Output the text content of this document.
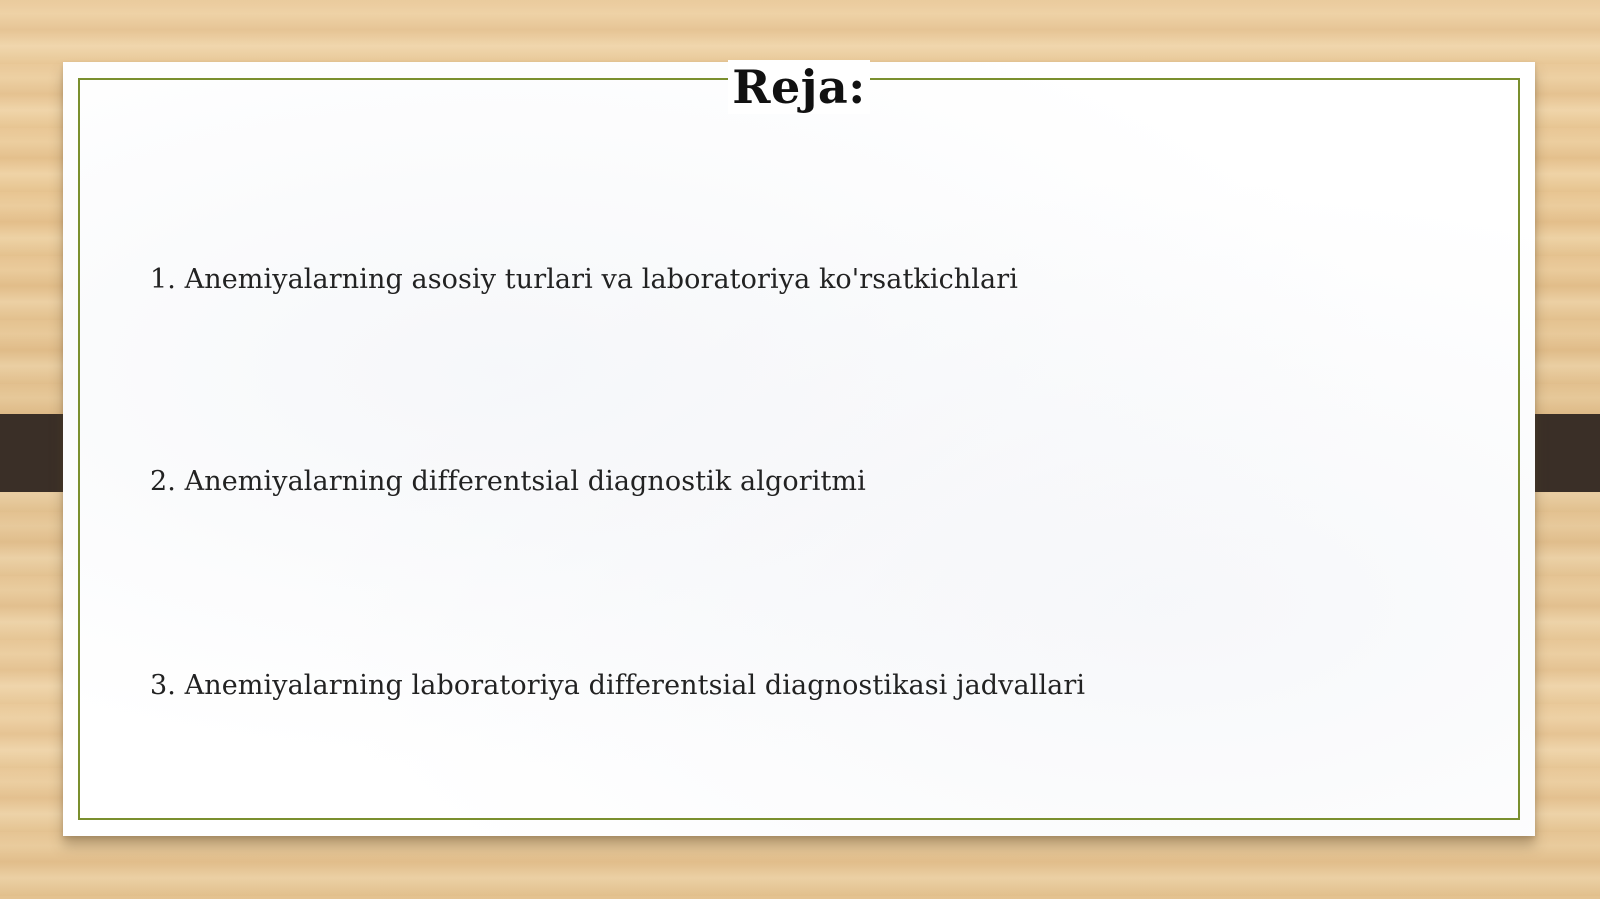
Reja:
1. Anemiyalarning asosiy turlari va laboratoriya ko'rsatkichlari
2. Anemiyalarning differentsial diagnostik algoritmi
3. Anemiyalarning laboratoriya differentsial diagnostikasi jadvallari
